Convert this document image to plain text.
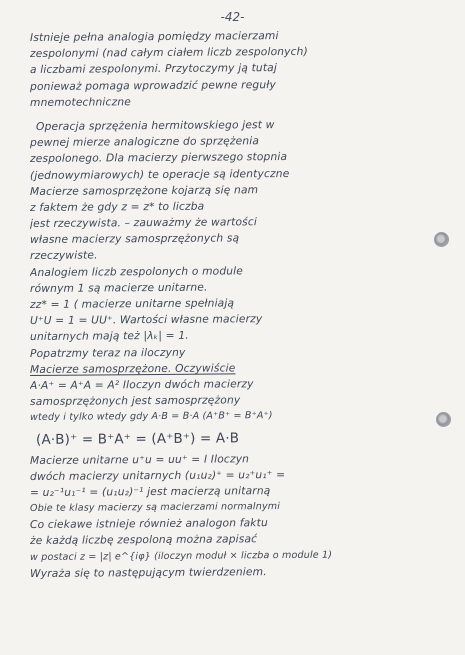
-42-
Istnieje pełna analogia pomiędzy macierzami
zespolonymi (nad całym ciałem liczb zespolonych)
a liczbami zespolonymi. Przytoczymy ją tutaj
ponieważ pomaga wprowadzić pewne reguły
mnemotechniczne
Operacja sprzężenia hermitowskiego jest w
pewnej mierze analogiczne do sprzężenia
zespolonego. Dla macierzy pierwszego stopnia
(jednowymiarowych) te operacje są identyczne
Macierze samosprzężone kojarzą się nam
z faktem że gdy z = z* to liczba
jest rzeczywista. – zauważmy że wartości
własne macierzy samosprzężonych są
rzeczywiste.
Analogiem liczb zespolonych o module
równym 1 są macierze unitarne.
zz* = 1 ( macierze unitarne spełniają
U⁺U = 1 = UU⁺. Wartości własne macierzy
unitarnych mają też |λₖ| = 1.
Popatrzmy teraz na iloczyny
Macierze samosprzężone. Oczywiście
A·A⁺ = A⁺A = A² Iloczyn dwóch macierzy
samosprzężonych jest samosprzężony
wtedy i tylko wtedy gdy A·B = B·A (A⁺B⁺ = B⁺A⁺)
(A·B)⁺ = B⁺A⁺ = (A⁺B⁺) = A·B
Macierze unitarne u⁺u = uu⁺ = I Iloczyn
dwóch macierzy unitarnych (u₁u₂)⁺ = u₂⁺u₁⁺ =
= u₂⁻¹u₁⁻¹ = (u₁u₂)⁻¹ jest macierzą unitarną
Obie te klasy macierzy są macierzami normalnymi
Co ciekawe istnieje również analogon faktu
że każdą liczbę zespoloną można zapisać
w postaci z = |z| e^{iφ} (iloczyn moduł × liczba o module 1)
Wyraża się to następującym twierdzeniem.
